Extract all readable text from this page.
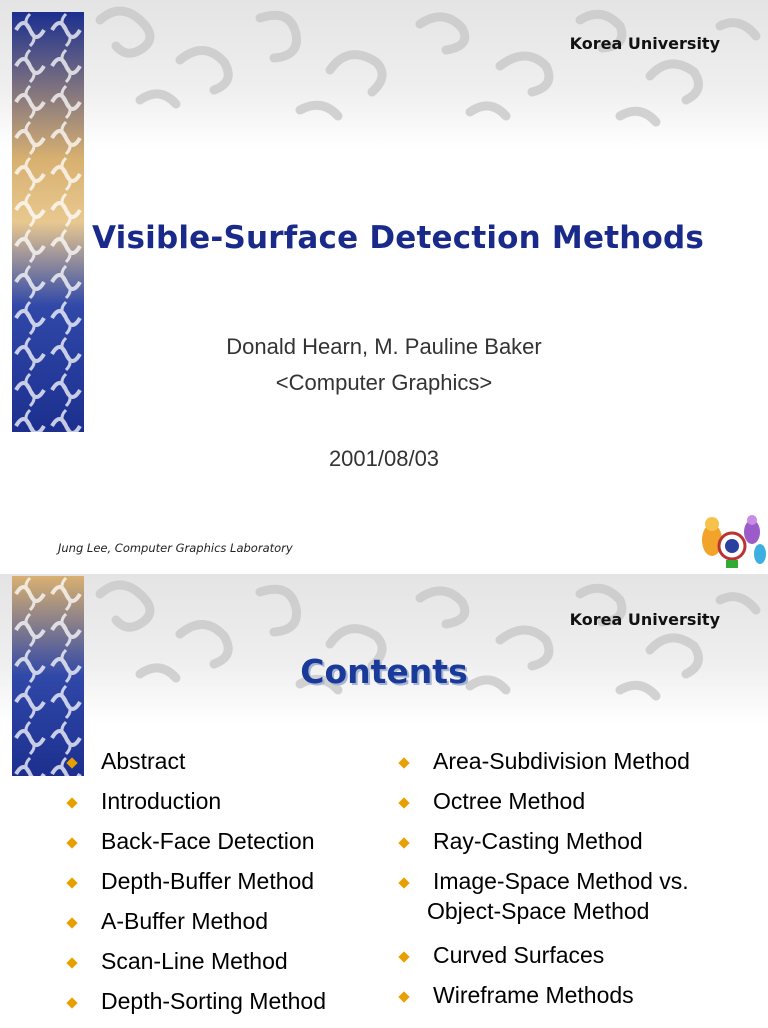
Korea University
Visible-Surface Detection Methods
Donald Hearn, M. Pauline Baker
<Computer Graphics>
2001/08/03
Jung Lee, Computer Graphics Laboratory
Korea University
Contents
Abstract
Introduction
Back-Face Detection
Depth-Buffer Method
A-Buffer Method
Scan-Line Method
Depth-Sorting Method
Area-Subdivision Method
Octree Method
Ray-Casting Method
Image-Space Method vs.
Object-Space Method
Curved Surfaces
Wireframe Methods
